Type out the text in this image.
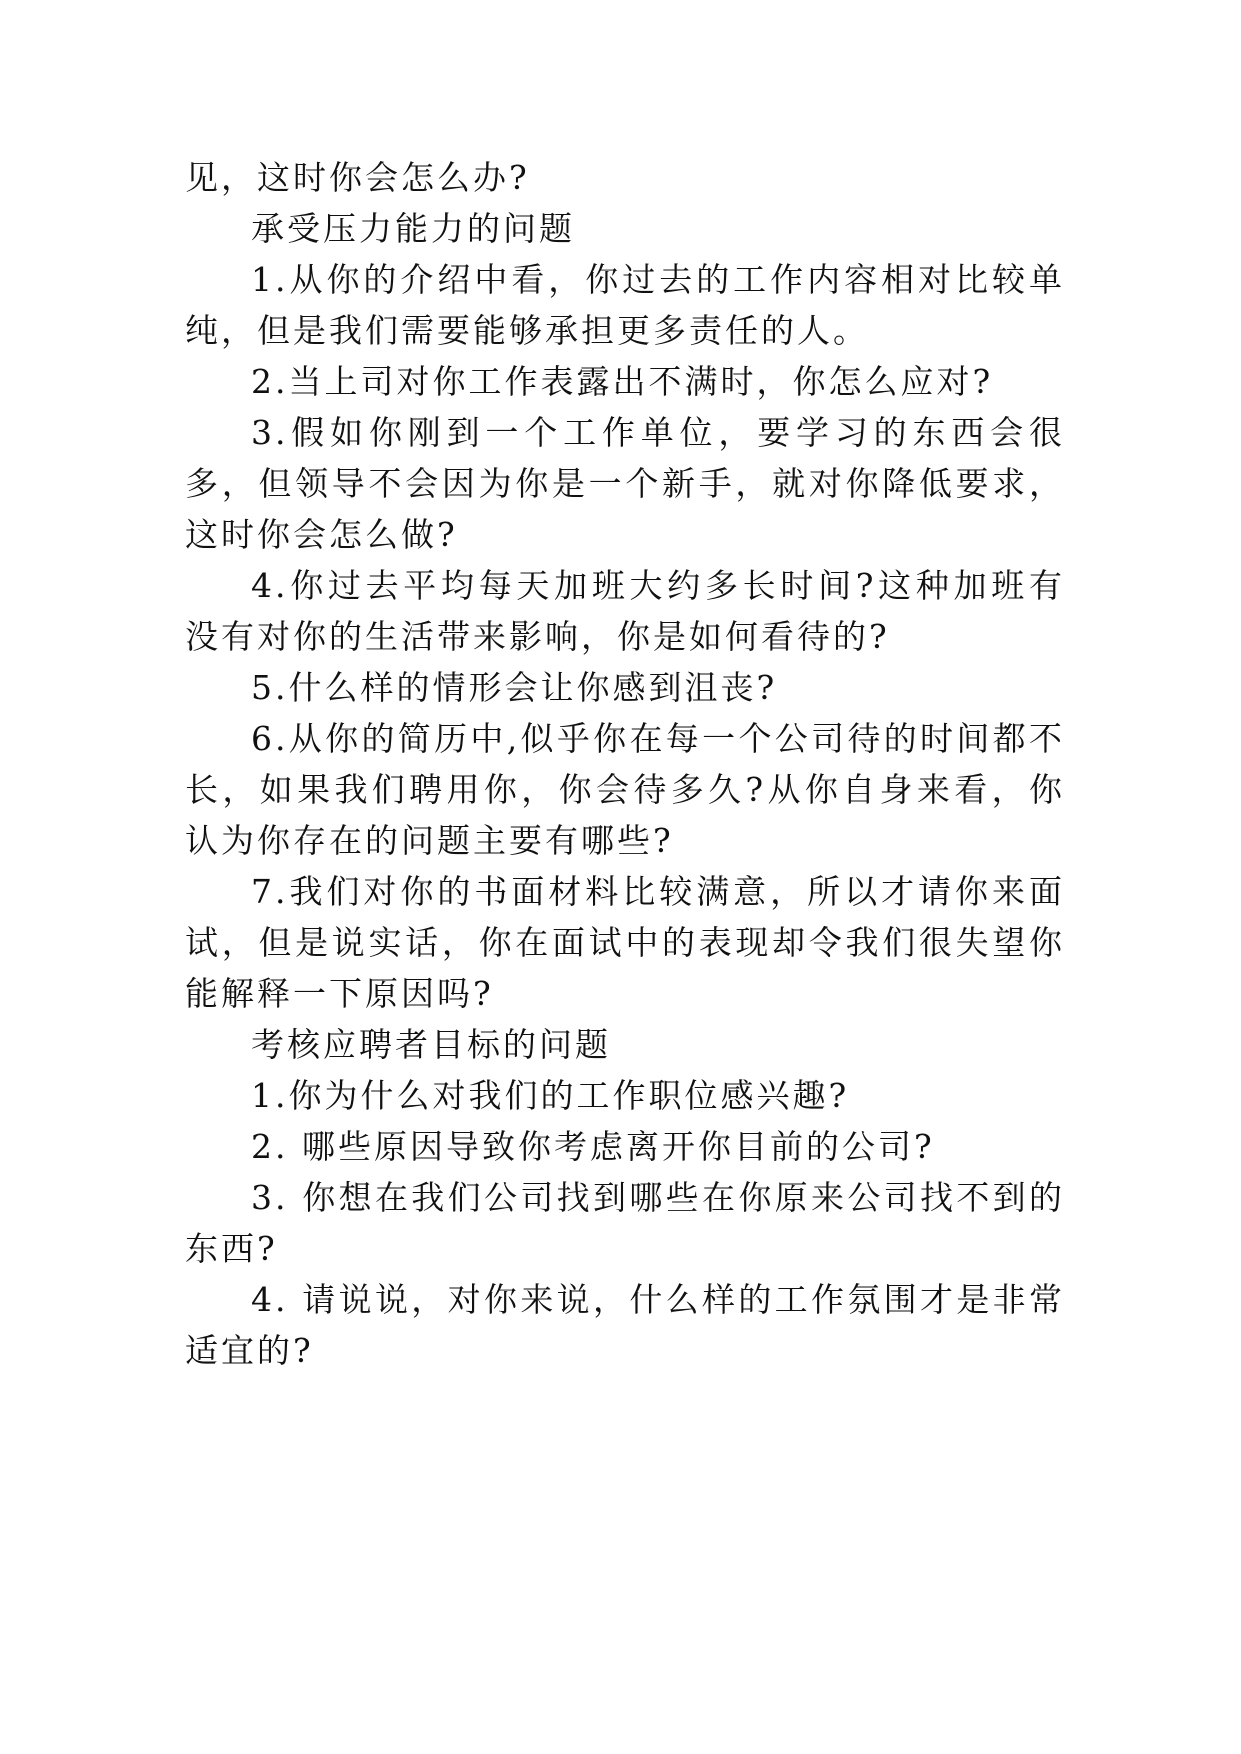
见，这时你会怎么办?

承受压力能力的问题

1.从你的介绍中看，你过去的工作内容相对比较单纯，但是我们需要能够承担更多责任的人。

2.当上司对你工作表露出不满时，你怎么应对?

3.假如你刚到一个工作单位，要学习的东西会很多，但领导不会因为你是一个新手，就对你降低要求，这时你会怎么做?

4.你过去平均每天加班大约多长时间?这种加班有没有对你的生活带来影响，你是如何看待的?

5.什么样的情形会让你感到沮丧?

6.从你的简历中,似乎你在每一个公司待的时间都不长，如果我们聘用你，你会待多久?从你自身来看，你认为你存在的问题主要有哪些?

7.我们对你的书面材料比较满意，所以才请你来面试，但是说实话，你在面试中的表现却令我们很失望你能解释一下原因吗?

考核应聘者目标的问题

1.你为什么对我们的工作职位感兴趣?

2. 哪些原因导致你考虑离开你目前的公司?

3. 你想在我们公司找到哪些在你原来公司找不到的东西?

4. 请说说，对你来说，什么样的工作氛围才是非常适宜的?
